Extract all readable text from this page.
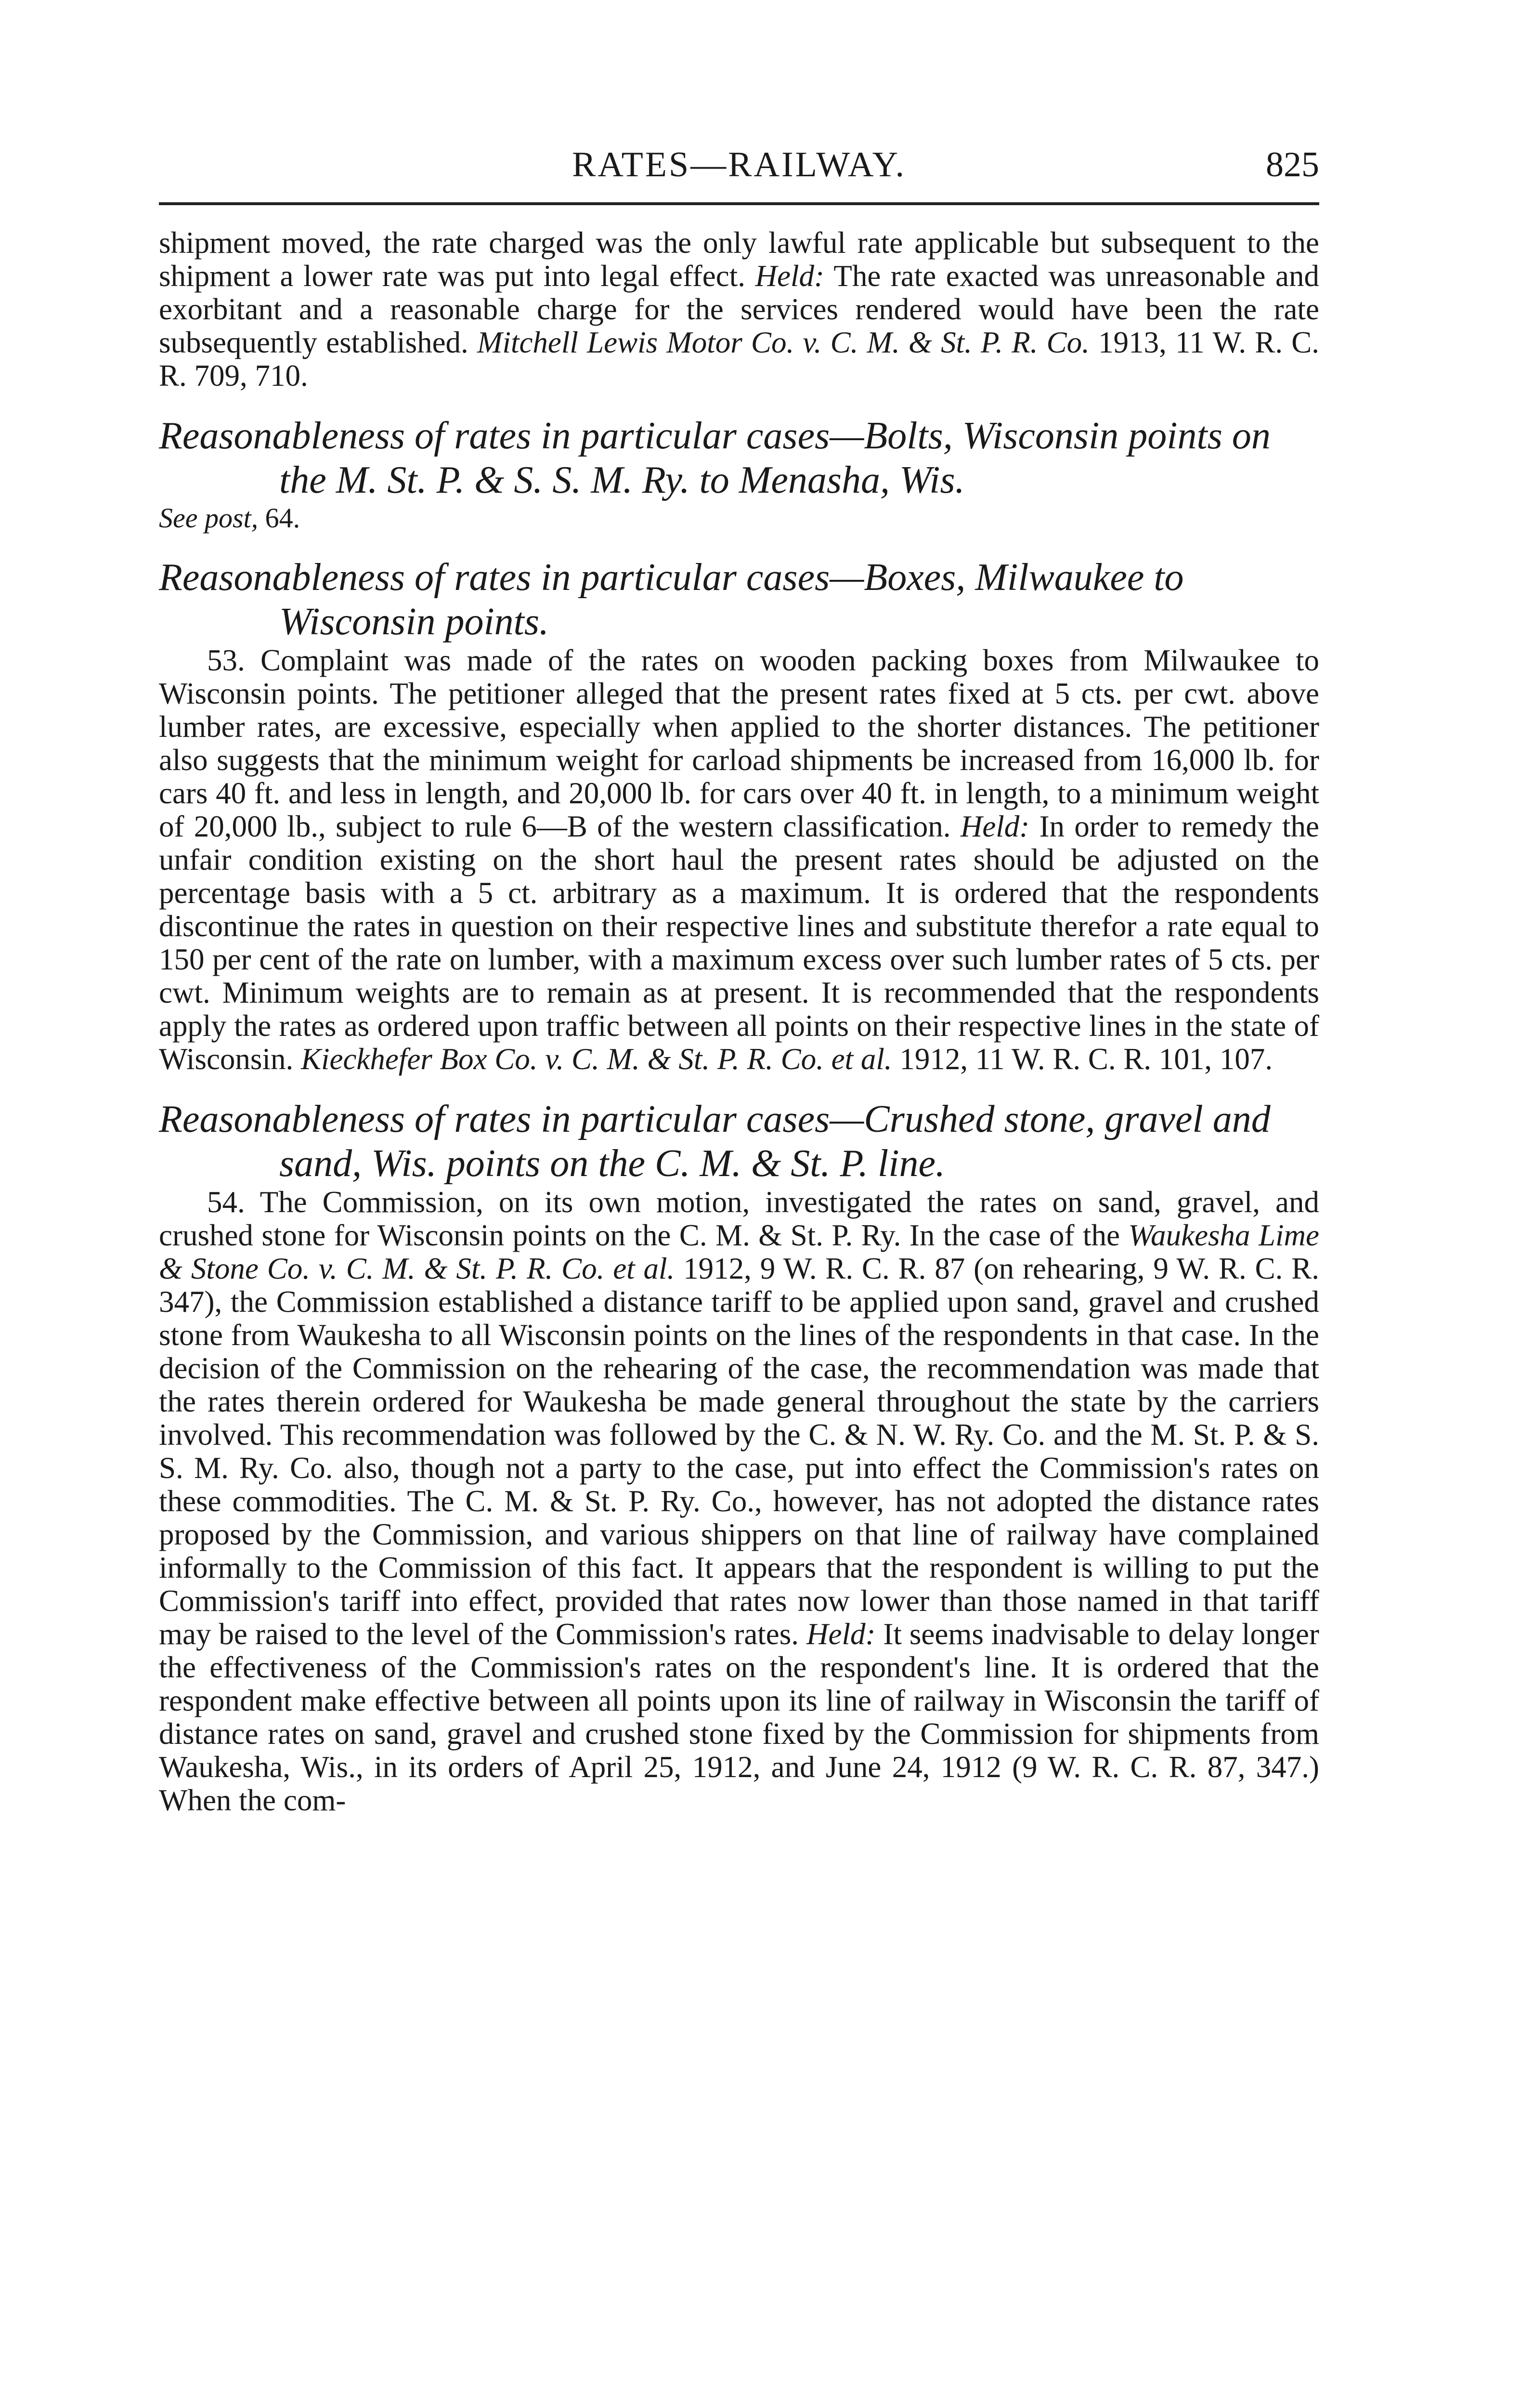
RATES—RAILWAY.	825

shipment moved, the rate charged was the only lawful rate applicable but subsequent to the shipment a lower rate was put into legal effect. Held: The rate exacted was unreasonable and exorbitant and a reasonable charge for the services rendered would have been the rate subsequently established. Mitchell Lewis Motor Co. v. C. M. & St. P. R. Co. 1913, 11 W. R. C. R. 709, 710.

Reasonableness of rates in particular cases—Bolts, Wisconsin points on the M. St. P. & S. S. M. Ry. to Menasha, Wis.

See post, 64.

Reasonableness of rates in particular cases—Boxes, Milwaukee to Wisconsin points.

53. Complaint was made of the rates on wooden packing boxes from Milwaukee to Wisconsin points. The petitioner alleged that the present rates fixed at 5 cts. per cwt. above lumber rates, are excessive, especially when applied to the shorter distances. The petitioner also suggests that the minimum weight for carload shipments be increased from 16,000 lb. for cars 40 ft. and less in length, and 20,000 lb. for cars over 40 ft. in length, to a minimum weight of 20,000 lb., subject to rule 6—B of the western classification. Held: In order to remedy the unfair condition existing on the short haul the present rates should be adjusted on the percentage basis with a 5 ct. arbitrary as a maximum. It is ordered that the respondents discontinue the rates in question on their respective lines and substitute therefor a rate equal to 150 per cent of the rate on lumber, with a maximum excess over such lumber rates of 5 cts. per cwt. Minimum weights are to remain as at present. It is recommended that the respondents apply the rates as ordered upon traffic between all points on their respective lines in the state of Wisconsin. Kieckhefer Box Co. v. C. M. & St. P. R. Co. et al. 1912, 11 W. R. C. R. 101, 107.

Reasonableness of rates in particular cases—Crushed stone, gravel and sand, Wis. points on the C. M. & St. P. line.

54. The Commission, on its own motion, investigated the rates on sand, gravel, and crushed stone for Wisconsin points on the C. M. & St. P. Ry. In the case of the Waukesha Lime & Stone Co. v. C. M. & St. P. R. Co. et al. 1912, 9 W. R. C. R. 87 (on rehearing, 9 W. R. C. R. 347), the Commission established a distance tariff to be applied upon sand, gravel and crushed stone from Waukesha to all Wisconsin points on the lines of the respondents in that case. In the decision of the Commission on the rehearing of the case, the recommendation was made that the rates therein ordered for Waukesha be made general throughout the state by the carriers involved. This recommendation was followed by the C. & N. W. Ry. Co. and the M. St. P. & S. S. M. Ry. Co. also, though not a party to the case, put into effect the Commission's rates on these commodities. The C. M. & St. P. Ry. Co., however, has not adopted the distance rates proposed by the Commission, and various shippers on that line of railway have complained informally to the Commission of this fact. It appears that the respondent is willing to put the Commission's tariff into effect, provided that rates now lower than those named in that tariff may be raised to the level of the Commission's rates. Held: It seems inadvisable to delay longer the effectiveness of the Commission's rates on the respondent's line. It is ordered that the respondent make effective between all points upon its line of railway in Wisconsin the tariff of distance rates on sand, gravel and crushed stone fixed by the Commission for shipments from Waukesha, Wis., in its orders of April 25, 1912, and June 24, 1912 (9 W. R. C. R. 87, 347.) When the com-
